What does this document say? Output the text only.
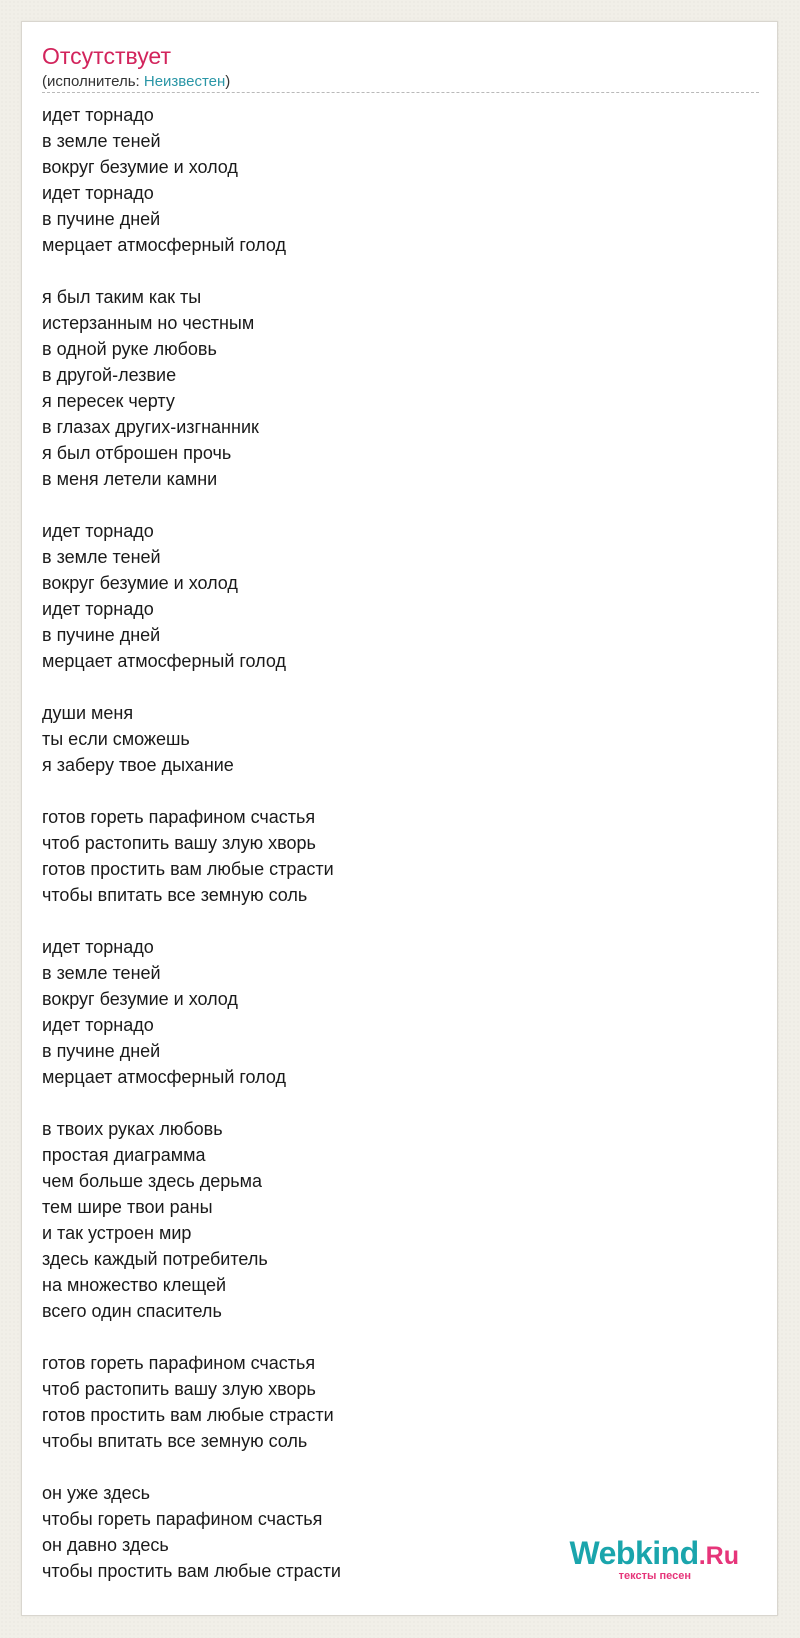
Отсутствует
(исполнитель: Неизвестен)
идет торнадо
в земле теней
вокруг безумие и холод
идет торнадо
в пучине дней
мерцает атмосферный голод

я был таким как ты
истерзанным но честным
в одной руке любовь
в другой-лезвие
я пересек черту
в глазах других-изгнанник
я был отброшен прочь
в меня летели камни

идет торнадо
в земле теней
вокруг безумие и холод
идет торнадо
в пучине дней
мерцает атмосферный голод

души меня
ты если сможешь
я заберу твое дыхание

готов гореть парафином счастья
чтоб растопить вашу злую хворь
готов простить вам любые страсти
чтобы впитать все земную соль

идет торнадо
в земле теней
вокруг безумие и холод
идет торнадо
в пучине дней
мерцает атмосферный голод

в твоих руках любовь
простая диаграмма
чем больше здесь дерьма
тем шире твои раны
и так устроен мир
здесь каждый потребитель
на множество клещей
всего один спаситель

готов гореть парафином счастья
чтоб растопить вашу злую хворь
готов простить вам любые страсти
чтобы впитать все земную соль

он уже здесь
чтобы гореть парафином счастья
он давно здесь
чтобы простить вам любые страсти	Webkind.Ru
тексты песен
